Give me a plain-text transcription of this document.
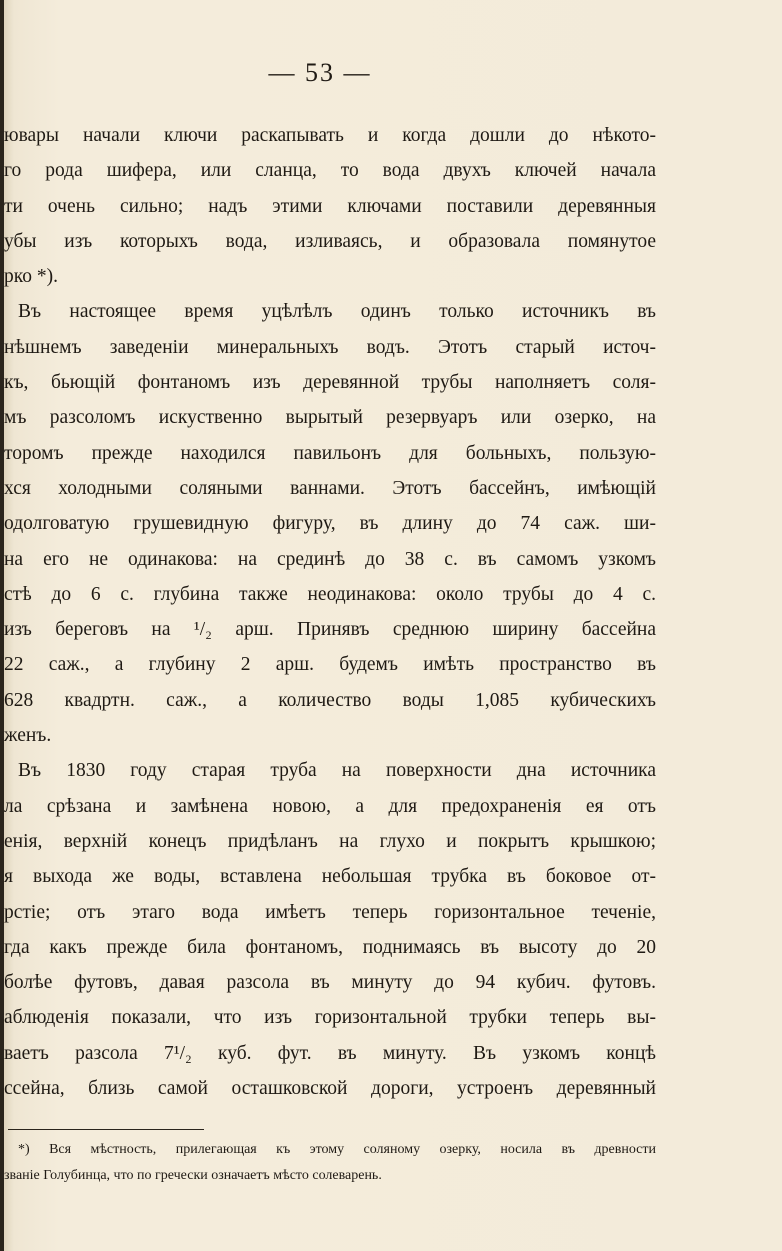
— 53 —
ювары начали ключи раскапывать и когда дошли до нѣкото-
го рода шифера, или сланца, то вода двухъ ключей начала
ти очень сильно; надъ этими ключами поставили деревянныя
убы изъ которыхъ вода, изливаясь, и образовала помянутое
рко *).
Въ настоящее время уцѣлѣлъ одинъ только источникъ въ
нѣшнемъ заведеніи минеральныхъ водъ. Этотъ старый источ-
къ, бьющій фонтаномъ изъ деревянной трубы наполняетъ соля-
мъ разсоломъ искуственно вырытый резервуаръ или озерко, на
торомъ прежде находился павильонъ для больныхъ, пользую-
хся холодными соляными ваннами. Этотъ бассейнъ, имѣющій
одолговатую грушевидную фигуру, въ длину до 74 саж. ши-
на его не одинакова: на срединѣ до 38 с. въ самомъ узкомъ
стѣ до 6 с. глубина также неодинакова: около трубы до 4 с.
изъ береговъ на ¹/₂ арш. Принявъ среднюю ширину бассейна
22 саж., а глубину 2 арш. будемъ имѣть пространство въ
628 квадртн. саж., а количество воды 1,085 кубическихъ
женъ.
Въ 1830 году старая труба на поверхности дна источника
ла срѣзана и замѣнена новою, а для предохраненія ея отъ
енія, верхній конецъ придѣланъ на глухо и покрытъ крышкою;
я выхода же воды, вставлена небольшая трубка въ боковое от-
рстіе; отъ этаго вода имѣетъ теперь горизонтальное теченіе,
гда какъ прежде била фонтаномъ, поднимаясь въ высоту до 20
болѣе футовъ, давая разсола въ минуту до 94 кубич. футовъ.
аблюденія показали, что изъ горизонтальной трубки теперь вы-
ваетъ разсола 7¹/₂ куб. фут. въ минуту. Въ узкомъ концѣ
ссейна, близь самой осташковской дороги, устроенъ деревянный
*) Вся мѣстность, прилегающая къ этому соляному озерку, носила въ древности
званіе Голубинца, что по гречески означаетъ мѣсто солеварень.
